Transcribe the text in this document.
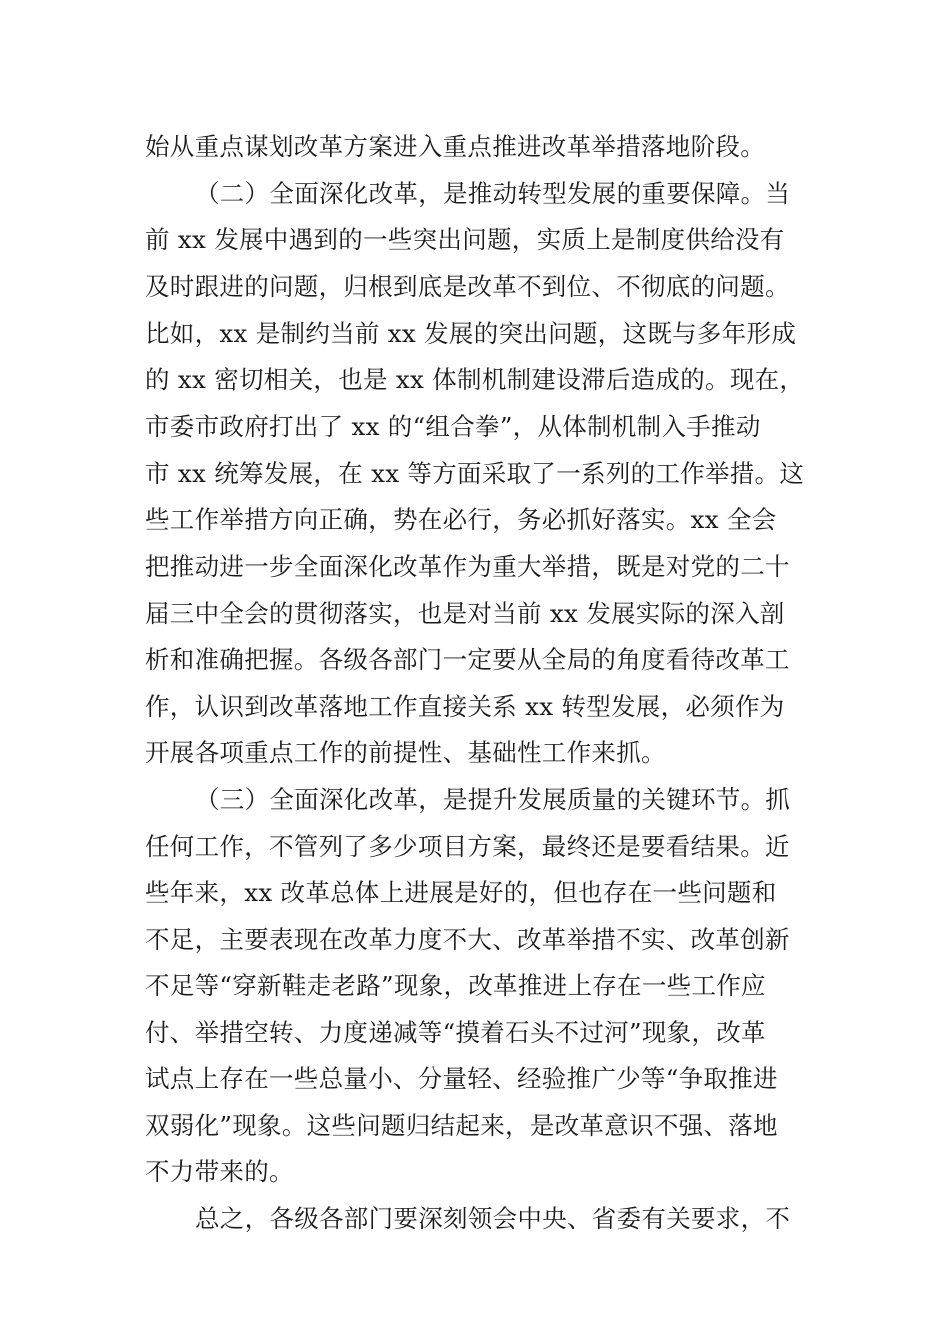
始从重点谋划改革方案进入重点推进改革举措落地阶段。
（二）全面深化改革，是推动转型发展的重要保障。当
前 xx 发展中遇到的一些突出问题，实质上是制度供给没有
及时跟进的问题，归根到底是改革不到位、不彻底的问题。
比如，xx 是制约当前 xx 发展的突出问题，这既与多年形成
的 xx 密切相关，也是 xx 体制机制建设滞后造成的。现在，
市委市政府打出了 xx 的“组合拳”，从体制机制入手推动
市 xx 统筹发展，在 xx 等方面采取了一系列的工作举措。这
些工作举措方向正确，势在必行，务必抓好落实。xx 全会
把推动进一步全面深化改革作为重大举措，既是对党的二十
届三中全会的贯彻落实，也是对当前 xx 发展实际的深入剖
析和准确把握。各级各部门一定要从全局的角度看待改革工
作，认识到改革落地工作直接关系 xx 转型发展，必须作为
开展各项重点工作的前提性、基础性工作来抓。
（三）全面深化改革，是提升发展质量的关键环节。抓
任何工作，不管列了多少项目方案，最终还是要看结果。近
些年来，xx 改革总体上进展是好的，但也存在一些问题和
不足，主要表现在改革力度不大、改革举措不实、改革创新
不足等“穿新鞋走老路”现象，改革推进上存在一些工作应
付、举措空转、力度递减等“摸着石头不过河”现象，改革
试点上存在一些总量小、分量轻、经验推广少等“争取推进
双弱化”现象。这些问题归结起来，是改革意识不强、落地
不力带来的。
总之，各级各部门要深刻领会中央、省委有关要求，不
